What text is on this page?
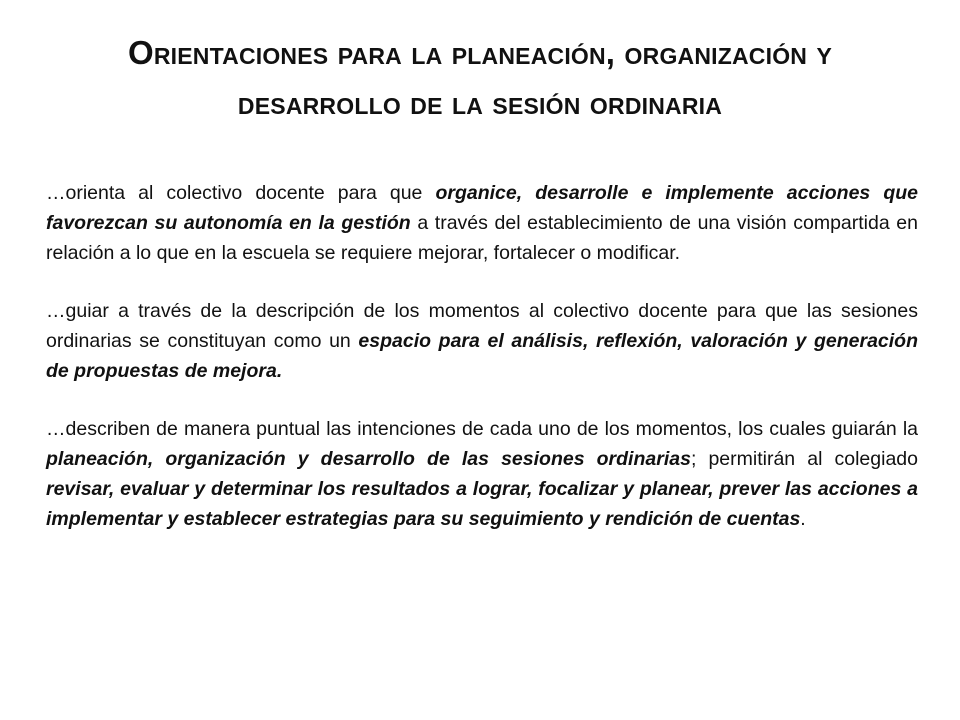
Orientaciones para la planeación, organización y
desarrollo de la sesión ordinaria

…orienta al colectivo docente para que organice, desarrolle e implemente acciones que favorezcan su autonomía en la gestión a través del establecimiento de una visión compartida en relación a lo que en la escuela se requiere mejorar, fortalecer o modificar.

…guiar a través de la descripción de los momentos al colectivo docente para que las sesiones ordinarias se constituyan como un espacio para el análisis, reflexión, valoración y generación de propuestas de mejora.

…describen de manera puntual las intenciones de cada uno de los momentos, los cuales guiarán la planeación, organización y desarrollo de las sesiones ordinarias; permitirán al colegiado revisar, evaluar y determinar los resultados a lograr, focalizar y planear, prever las acciones a implementar y establecer estrategias para su seguimiento y rendición de cuentas.
